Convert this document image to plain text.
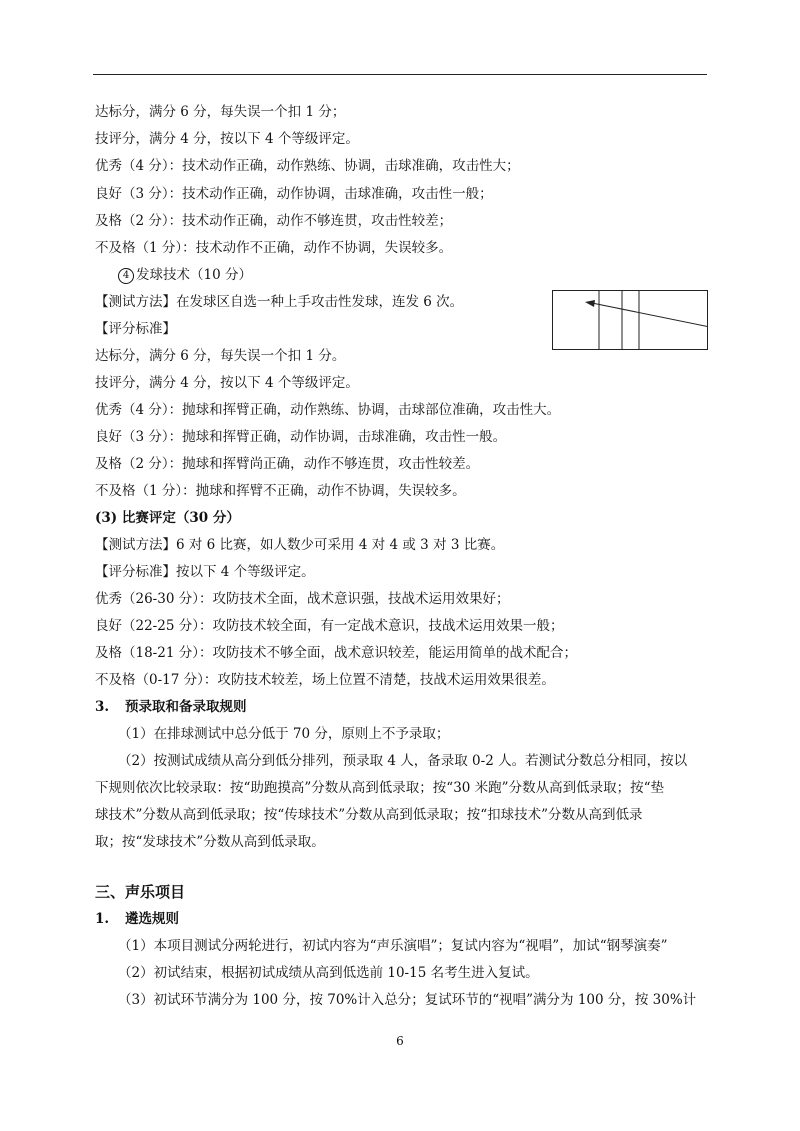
达标分，满分 6 分，每失误一个扣 1 分；
技评分，满分 4 分，按以下 4 个等级评定。
优秀（4 分）：技术动作正确，动作熟练、协调，击球准确，攻击性大；
良好（3 分）：技术动作正确，动作协调，击球准确，攻击性一般；
及格（2 分）：技术动作正确，动作不够连贯，攻击性较差；
不及格（1 分）：技术动作不正确，动作不协调，失误较多。
4 发球技术（10 分）
【测试方法】在发球区自选一种上手攻击性发球，连发 6 次。
【评分标准】
达标分，满分 6 分，每失误一个扣 1 分。
技评分，满分 4 分，按以下 4 个等级评定。
优秀（4 分）：抛球和挥臂正确，动作熟练、协调，击球部位准确，攻击性大。
良好（3 分）：抛球和挥臂正确，动作协调，击球准确，攻击性一般。
及格（2 分）：抛球和挥臂尚正确，动作不够连贯，攻击性较差。
不及格（1 分）：抛球和挥臂不正确，动作不协调，失误较多。
(3) 比赛评定（30 分）
【测试方法】6 对 6 比赛，如人数少可采用 4 对 4 或 3 对 3 比赛。
【评分标准】按以下 4 个等级评定。
优秀（26-30 分）：攻防技术全面，战术意识强，技战术运用效果好；
良好（22-25 分）：攻防技术较全面，有一定战术意识，技战术运用效果一般；
及格（18-21 分）：攻防技术不够全面，战术意识较差，能运用简单的战术配合；
不及格（0-17 分）：攻防技术较差，场上位置不清楚，技战术运用效果很差。
3. 预录取和备录取规则
（1）在排球测试中总分低于 70 分，原则上不予录取；
（2）按测试成绩从高分到低分排列，预录取 4 人，备录取 0-2 人。若测试分数总分相同，按以
下规则依次比较录取：按“助跑摸高”分数从高到低录取；按“30 米跑”分数从高到低录取；按“垫
球技术”分数从高到低录取；按“传球技术”分数从高到低录取；按“扣球技术”分数从高到低录
取；按“发球技术”分数从高到低录取。
三、声乐项目
1. 遴选规则
（1）本项目测试分两轮进行，初试内容为“声乐演唱”；复试内容为“视唱”，加试“钢琴演奏”
（2）初试结束，根据初试成绩从高到低选前 10-15 名考生进入复试。
（3）初试环节满分为 100 分，按 70%计入总分；复试环节的“视唱”满分为 100 分，按 30%计
6
